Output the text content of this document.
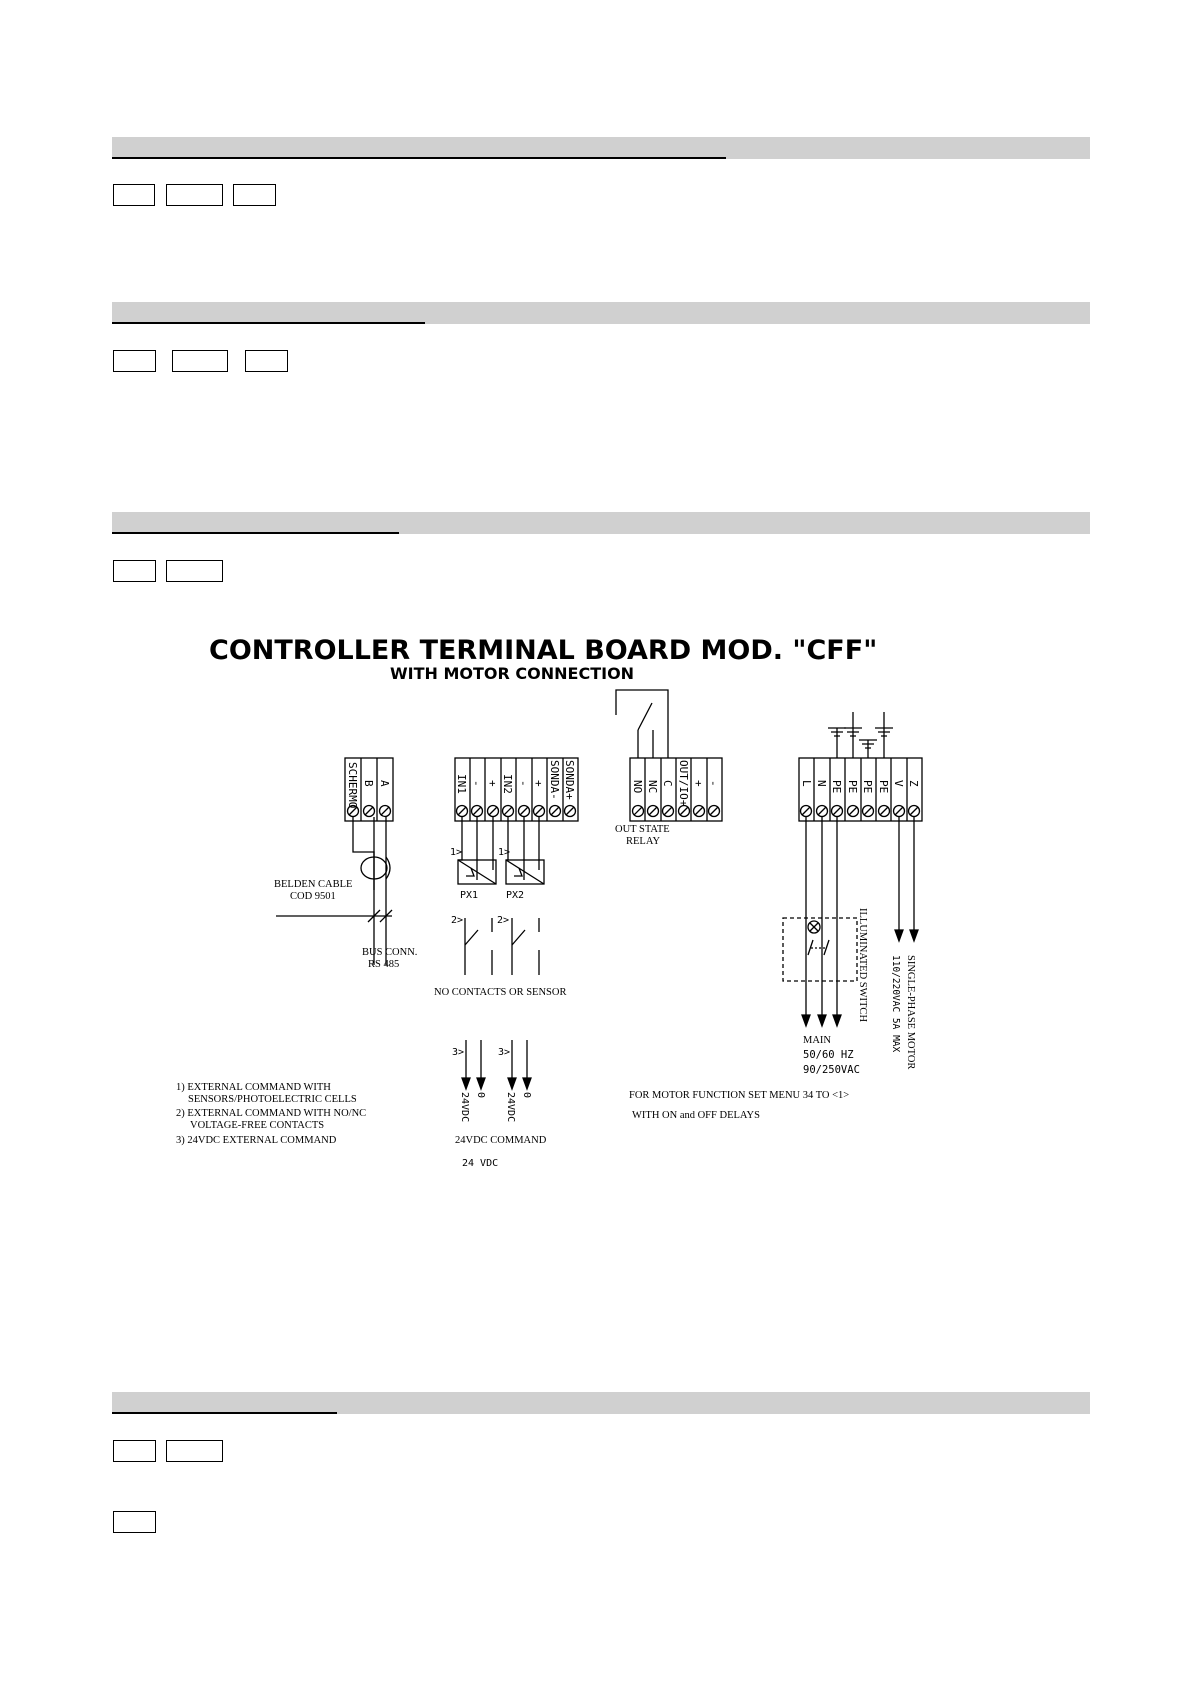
CONTROLLER TERMINAL BOARD MOD. "CFF"
WITH MOTOR CONNECTION
SCHERMO B A
BELDEN CABLE
COD 9501
BUS CONN.
RS 485
IN1 - + IN2 - + SONDA- SONDA+
1>	1>
PX1	PX2
2>	2>
NO CONTACTS OR SENSOR
3>	3>
24VDC 0 24VDC 0
24VDC COMMAND
24 VDC
1) EXTERNAL COMMAND WITH
SENSORS/PHOTOELECTRIC CELLS
2) EXTERNAL COMMAND WITH NO/NC
VOLTAGE-FREE CONTACTS
3) 24VDC EXTERNAL COMMAND
NO NC C OUT/IO+ + -
OUT STATE
RELAY
L N PE PE PE PE V Z
ILLUMINATED SWITCH	SINGLE-PHASE MOTOR
110/220VAC 5A MAX
MAIN
50/60 HZ
90/250VAC
FOR MOTOR FUNCTION SET MENU 34 TO <1>
WITH ON and OFF DELAYS
